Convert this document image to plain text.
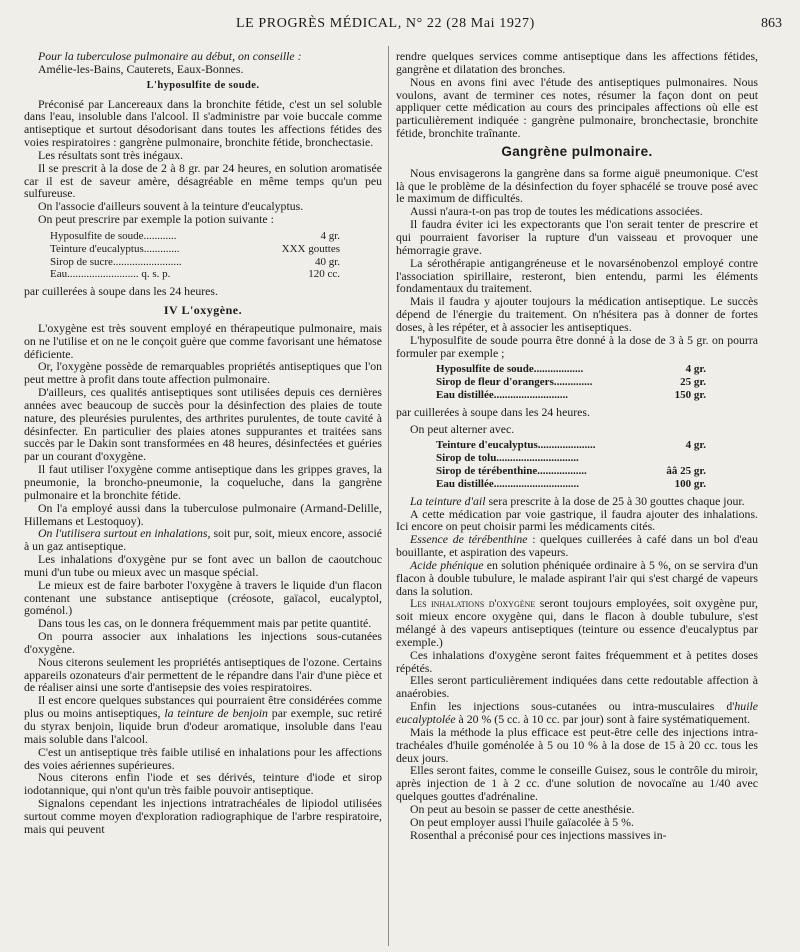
LE PROGRÈS MÉDICAL, N° 22 (28 Mai 1927)	863

Pour la tuberculose pulmonaire au début, on conseille :

Amélie-les-Bains, Cauterets, Eaux-Bonnes.

L'hyposulfite de soude.

Préconisé par Lancereaux dans la bronchite fétide, c'est un sel soluble dans l'eau, insoluble dans l'alcool. Il s'administre par voie buccale comme antiseptique et surtout désodorisant dans toutes les affections fétides des voies respiratoires : gangrène pulmonaire, bronchite fétide, bronchectasie.

Les résultats sont très inégaux.

Il se prescrit à la dose de 2 à 8 gr. par 24 heures, en solution aromatisée car il est de saveur amère, désagréable en même temps qu'un peu sulfureuse.

On l'associe d'ailleurs souvent à la teinture d'eucalyptus.

On peut prescrire par exemple la potion suivante :

Hyposulfite de soude............	4 gr.
Teinture d'eucalyptus.............	XXX gouttes
Sirop de sucre.........................	40 gr.
Eau.......................... q. s. p.	120 cc.

par cuillerées à soupe dans les 24 heures.

IV L'oxygène.

L'oxygène est très souvent employé en thérapeutique pulmonaire, mais on ne l'utilise et on ne le conçoit guère que comme favorisant une hématose déficiente.

Or, l'oxygène possède de remarquables propriétés antiseptiques que l'on peut mettre à profit dans toute affection pulmonaire.

D'ailleurs, ces qualités antiseptiques sont utilisées depuis ces dernières années avec beaucoup de succès pour la désinfection des plaies de toute nature, des pleurésies purulentes, des arthrites purulentes, de toute cavité à désinfecter. En particulier des plaies atones suppurantes et traitées sans succès par le Dakin sont transformées en 48 heures, désinfectées et guéries par un courant d'oxygène.

Il faut utiliser l'oxygène comme antiseptique dans les grippes graves, la pneumonie, la broncho-pneumonie, la coqueluche, dans la gangrène pulmonaire et la bronchite fétide.

On l'a employé aussi dans la tuberculose pulmonaire (Armand-Delille, Hillemans et Lestoquoy).

On l'utilisera surtout en inhalations, soit pur, soit, mieux encore, associé à un gaz antiseptique.

Les inhalations d'oxygène pur se font avec un ballon de caoutchouc muni d'un tube ou mieux avec un masque spécial.

Le mieux est de faire barboter l'oxygène à travers le liquide d'un flacon contenant une substance antiseptique (créosote, gaïacol, eucalyptol, goménol.)

Dans tous les cas, on le donnera fréquemment mais par petite quantité.

On pourra associer aux inhalations les injections sous-cutanées d'oxygène.

Nous citerons seulement les propriétés antiseptiques de l'ozone. Certains appareils ozonateurs d'air permettent de le répandre dans l'air d'une pièce et de réaliser ainsi une sorte d'antisepsie des voies respiratoires.

Il est encore quelques substances qui pourraient être considérées comme plus ou moins antiseptiques, la teinture de benjoin par exemple, suc retiré du styrax benjoin, liquide brun d'odeur aromatique, insoluble dans l'eau mais soluble dans l'alcool.

C'est un antiseptique très faible utilisé en inhalations pour les affections des voies aériennes supérieures.

Nous citerons enfin l'iode et ses dérivés, teinture d'iode et sirop iodotannique, qui n'ont qu'un très faible pouvoir antiseptique.

Signalons cependant les injections intratrachéales de lipiodol utilisées surtout comme moyen d'exploration radiographique de l'arbre respiratoire, mais qui peuvent

rendre quelques services comme antiseptique dans les affections fétides, gangrène et dilatation des bronches.

Nous en avons fini avec l'étude des antiseptiques pulmonaires. Nous voulons, avant de terminer ces notes, résumer la façon dont on peut appliquer cette médication au cours des principales affections où elle est particulièrement indiquée : gangrène pulmonaire, bronchectasie, bronchite fétide, bronchite traînante.

Gangrène pulmonaire.

Nous envisagerons la gangrène dans sa forme aiguë pneumonique. C'est là que le problème de la désinfection du foyer sphacélé se trouve posé avec le maximum de difficultés.

Aussi n'aura-t-on pas trop de toutes les médications associées.

Il faudra éviter ici les expectorants que l'on serait tenter de prescrire et qui pourraient favoriser la rupture d'un vaisseau et provoquer une hémorragie grave.

La sérothérapie antigangréneuse et le novarsénobenzol employé contre l'association spirillaire, resteront, bien entendu, parmi les éléments fondamentaux du traitement.

Mais il faudra y ajouter toujours la médication antiseptique. Le succès dépend de l'énergie du traitement. On n'hésitera pas à donner de fortes doses, à les répéter, et à associer les antiseptiques.

L'hyposulfite de soude pourra être donné à la dose de 3 à 5 gr. on pourra formuler par exemple ;

Hyposulfite de soude..................	4 gr.
Sirop de fleur d'orangers..............	25 gr.
Eau distillée...........................	150 gr.

par cuillerées à soupe dans les 24 heures.

On peut alterner avec.

Teinture d'eucalyptus.....................	4 gr.
Sirop de tolu..............................
Sirop de térébenthine..................	ââ 25 gr.
Eau distillée...............................	100 gr.

La teinture d'ail sera prescrite à la dose de 25 à 30 gouttes chaque jour.

A cette médication par voie gastrique, il faudra ajouter des inhalations. Ici encore on peut choisir parmi les médicaments cités.

Essence de térébenthine : quelques cuillerées à café dans un bol d'eau bouillante, et aspiration des vapeurs.

Acide phénique en solution phéniquée ordinaire à 5 %, on se servira d'un flacon à double tubulure, le malade aspirant l'air qui s'est chargé de vapeurs dans la solution.

Les inhalations d'oxygène seront toujours employées, soit oxygène pur, soit mieux encore oxygène qui, dans le flacon à double tubulure, s'est mélangé à des vapeurs antiseptiques (teinture ou essence d'eucalyptus par exemple.)

Ces inhalations d'oxygène seront faites fréquemment et à petites doses répétés.

Elles seront particulièrement indiquées dans cette redoutable affection à anaérobies.

Enfin les injections sous-cutanées ou intra-musculaires d'huile eucalyptolée à 20 % (5 cc. à 10 cc. par jour) sont à faire systématiquement.

Mais la méthode la plus efficace est peut-être celle des injections intra-trachéales d'huile goménolée à 5 ou 10 % à la dose de 15 à 20 cc. tous les deux jours.

Elles seront faites, comme le conseille Guisez, sous le contrôle du miroir, après injection de 1 à 2 cc. d'une solution de novocaïne au 1/40 avec quelques gouttes d'adrénaline.

On peut au besoin se passer de cette anesthésie.

On peut employer aussi l'huile gaïacolée à 5 %.

Rosenthal a préconisé pour ces injections massives in-
